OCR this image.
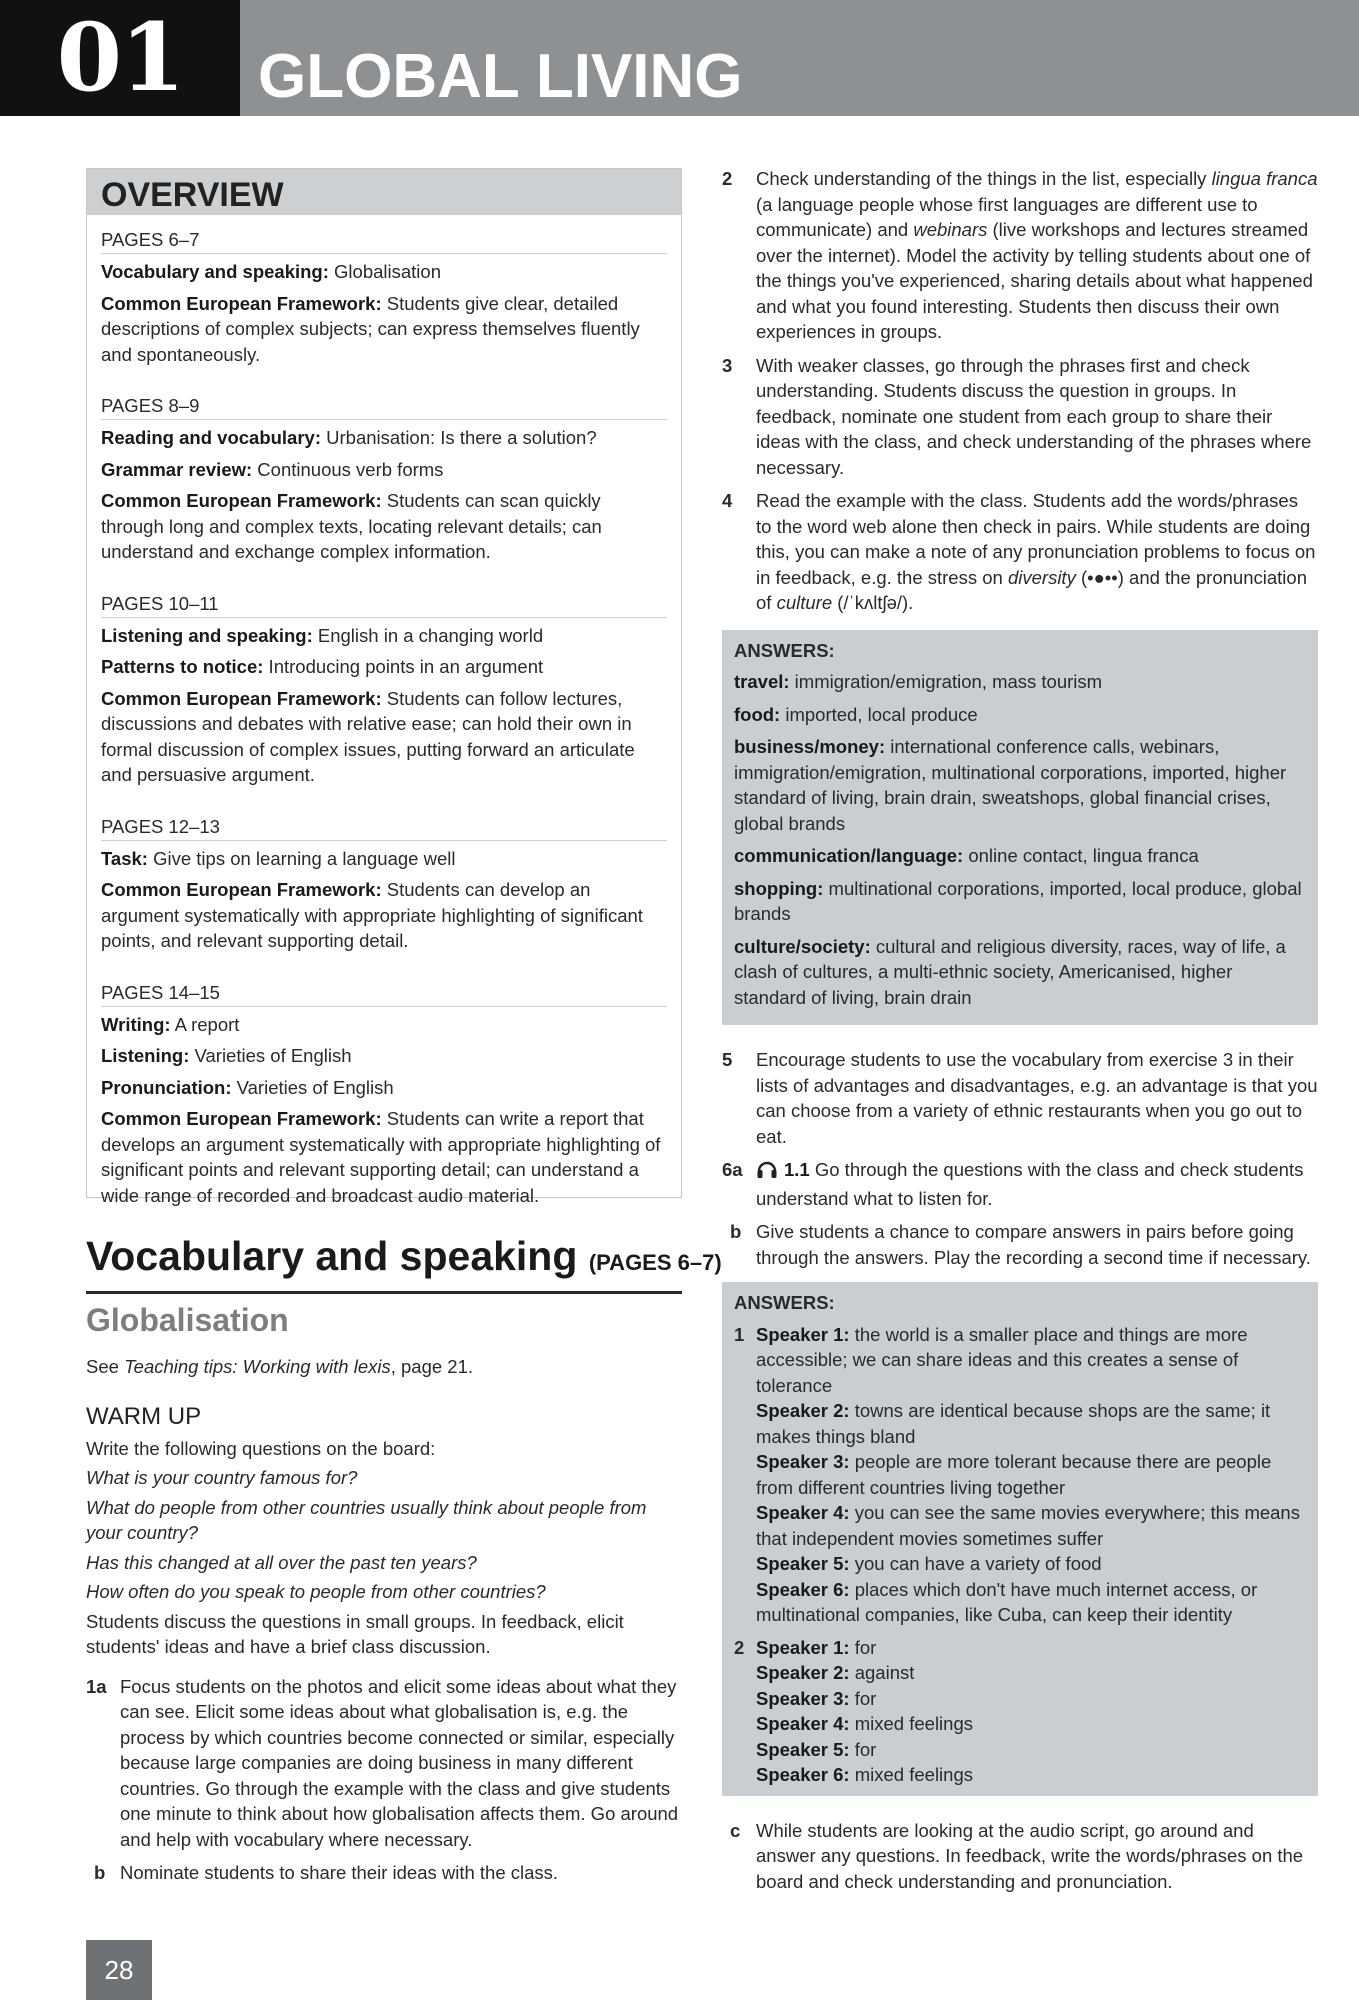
01	GLOBAL LIVING
OVERVIEW
PAGES 6–7

Vocabulary and speaking: Globalisation

Common European Framework: Students give clear, detailed descriptions of complex subjects; can express themselves fluently and spontaneously.

PAGES 8–9

Reading and vocabulary: Urbanisation: Is there a solution?

Grammar review: Continuous verb forms

Common European Framework: Students can scan quickly through long and complex texts, locating relevant details; can understand and exchange complex information.

PAGES 10–11

Listening and speaking: English in a changing world

Patterns to notice: Introducing points in an argument

Common European Framework: Students can follow lectures, discussions and debates with relative ease; can hold their own in formal discussion of complex issues, putting forward an articulate and persuasive argument.

PAGES 12–13

Task: Give tips on learning a language well

Common European Framework: Students can develop an argument systematically with appropriate highlighting of significant points, and relevant supporting detail.

PAGES 14–15

Writing: A report

Listening: Varieties of English

Pronunciation: Varieties of English

Common European Framework: Students can write a report that develops an argument systematically with appropriate highlighting of significant points and relevant supporting detail; can understand a wide range of recorded and broadcast audio material.

Vocabulary and speaking (PAGES 6–7)
Globalisation

See Teaching tips: Working with lexis, page 21.

WARM UP

Write the following questions on the board:

What is your country famous for?

What do people from other countries usually think about people from your country?

Has this changed at all over the past ten years?

How often do you speak to people from other countries?

Students discuss the questions in small groups. In feedback, elicit students' ideas and have a brief class discussion.

1a Focus students on the photos and elicit some ideas about what they can see. Elicit some ideas about what globalisation is, e.g. the process by which countries become connected or similar, especially because large companies are doing business in many different countries. Go through the example with the class and give students one minute to think about how globalisation affects them. Go around and help with vocabulary where necessary.
b Nominate students to share their ideas with the class.
2 Check understanding of the things in the list, especially lingua franca (a language people whose first languages are different use to communicate) and webinars (live workshops and lectures streamed over the internet). Model the activity by telling students about one of the things you've experienced, sharing details about what happened and what you found interesting. Students then discuss their own experiences in groups.
3 With weaker classes, go through the phrases first and check understanding. Students discuss the question in groups. In feedback, nominate one student from each group to share their ideas with the class, and check understanding of the phrases where necessary.
4 Read the example with the class. Students add the words/phrases to the word web alone then check in pairs. While students are doing this, you can make a note of any pronunciation problems to focus on in feedback, e.g. the stress on diversity (•●••) and the pronunciation of culture (/ˈkʌltʃə/).
ANSWERS:

travel: immigration/emigration, mass tourism

food: imported, local produce

business/money: international conference calls, webinars, immigration/emigration, multinational corporations, imported, higher standard of living, brain drain, sweatshops, global financial crises, global brands

communication/language: online contact, lingua franca

shopping: multinational corporations, imported, local produce, global brands

culture/society: cultural and religious diversity, races, way of life, a clash of cultures, a multi-ethnic society, Americanised, higher standard of living, brain drain

5 Encourage students to use the vocabulary from exercise 3 in their lists of advantages and disadvantages, e.g. an advantage is that you can choose from a variety of ethnic restaurants when you go out to eat.
6a 1.1 Go through the questions with the class and check students understand what to listen for.
b Give students a chance to compare answers in pairs before going through the answers. Play the recording a second time if necessary.
ANSWERS:
1 Speaker 1: the world is a smaller place and things are more accessible; we can share ideas and this creates a sense of tolerance
Speaker 2: towns are identical because shops are the same; it makes things bland
Speaker 3: people are more tolerant because there are people from different countries living together
Speaker 4: you can see the same movies everywhere; this means that independent movies sometimes suffer
Speaker 5: you can have a variety of food
Speaker 6: places which don't have much internet access, or multinational companies, like Cuba, can keep their identity
2 Speaker 1: for
Speaker 2: against
Speaker 3: for
Speaker 4: mixed feelings
Speaker 5: for
Speaker 6: mixed feelings
c While students are looking at the audio script, go around and answer any questions. In feedback, write the words/phrases on the board and check understanding and pronunciation.
28
